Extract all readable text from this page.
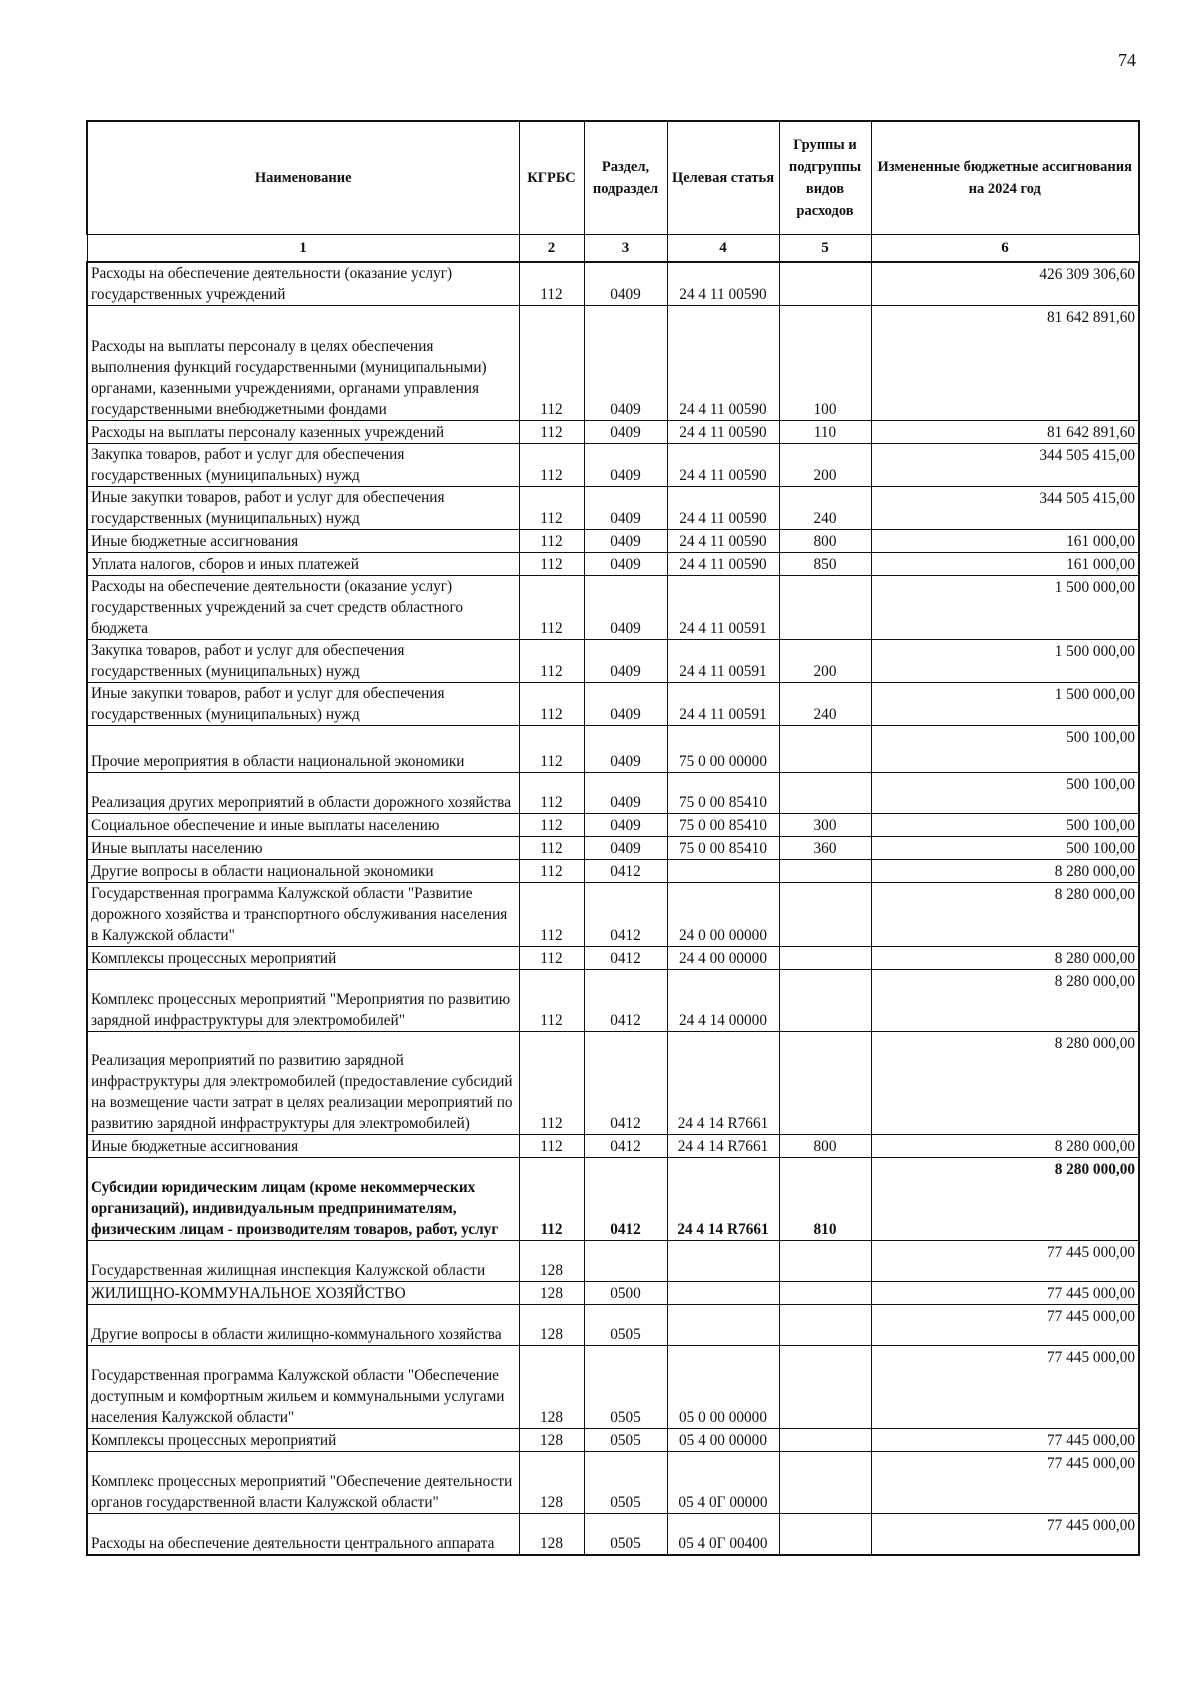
74
Наименование	КГРБС	Раздел, подраздел	Целевая статья	Группы и подгруппы видов расходов	Измененные бюджетные ассигнования на 2024 год
1	2	3	4	5	6
Расходы на обеспечение деятельности (оказание услуг) государственных учреждений	112	0409	24 4 11 00590		426 309 306,60
Расходы на выплаты персоналу в целях обеспечения выполнения функций государственными (муниципальными) органами, казенными учреждениями, органами управления государственными внебюджетными фондами	112	0409	24 4 11 00590	100	81 642 891,60
Расходы на выплаты персоналу казенных учреждений	112	0409	24 4 11 00590	110	81 642 891,60
Закупка товаров, работ и услуг для обеспечения государственных (муниципальных) нужд	112	0409	24 4 11 00590	200	344 505 415,00
Иные закупки товаров, работ и услуг для обеспечения государственных (муниципальных) нужд	112	0409	24 4 11 00590	240	344 505 415,00
Иные бюджетные ассигнования	112	0409	24 4 11 00590	800	161 000,00
Уплата налогов, сборов и иных платежей	112	0409	24 4 11 00590	850	161 000,00
Расходы на обеспечение деятельности (оказание услуг) государственных учреждений за счет средств областного бюджета	112	0409	24 4 11 00591		1 500 000,00
Закупка товаров, работ и услуг для обеспечения государственных (муниципальных) нужд	112	0409	24 4 11 00591	200	1 500 000,00
Иные закупки товаров, работ и услуг для обеспечения государственных (муниципальных) нужд	112	0409	24 4 11 00591	240	1 500 000,00
Прочие мероприятия в области национальной экономики	112	0409	75 0 00 00000		500 100,00
Реализация других мероприятий в области дорожного хозяйства	112	0409	75 0 00 85410		500 100,00
Социальное обеспечение и иные выплаты населению	112	0409	75 0 00 85410	300	500 100,00
Иные выплаты населению	112	0409	75 0 00 85410	360	500 100,00
Другие вопросы в области национальной экономики	112	0412			8 280 000,00
Государственная программа Калужской области "Развитие дорожного хозяйства и транспортного обслуживания населения в Калужской области"	112	0412	24 0 00 00000		8 280 000,00
Комплексы процессных мероприятий	112	0412	24 4 00 00000		8 280 000,00
Комплекс процессных мероприятий "Мероприятия по развитию зарядной инфраструктуры для электромобилей"	112	0412	24 4 14 00000		8 280 000,00
Реализация мероприятий по развитию зарядной инфраструктуры для электромобилей (предоставление субсидий на возмещение части затрат в целях реализации мероприятий по развитию зарядной инфраструктуры для электромобилей)	112	0412	24 4 14 R7661		8 280 000,00
Иные бюджетные ассигнования	112	0412	24 4 14 R7661	800	8 280 000,00
Субсидии юридическим лицам (кроме некоммерческих организаций), индивидуальным предпринимателям, физическим лицам - производителям товаров, работ, услуг	112	0412	24 4 14 R7661	810	8 280 000,00
Государственная жилищная инспекция Калужской области	128				77 445 000,00
ЖИЛИЩНО-КОММУНАЛЬНОЕ ХОЗЯЙСТВО	128	0500			77 445 000,00
Другие вопросы в области жилищно-коммунального хозяйства	128	0505			77 445 000,00
Государственная программа Калужской области "Обеспечение доступным и комфортным жильем и коммунальными услугами населения Калужской области"	128	0505	05 0 00 00000		77 445 000,00
Комплексы процессных мероприятий	128	0505	05 4 00 00000		77 445 000,00
Комплекс процессных мероприятий "Обеспечение деятельности органов государственной власти Калужской области"	128	0505	05 4 0Г 00000		77 445 000,00
Расходы на обеспечение деятельности центрального аппарата	128	0505	05 4 0Г 00400		77 445 000,00
